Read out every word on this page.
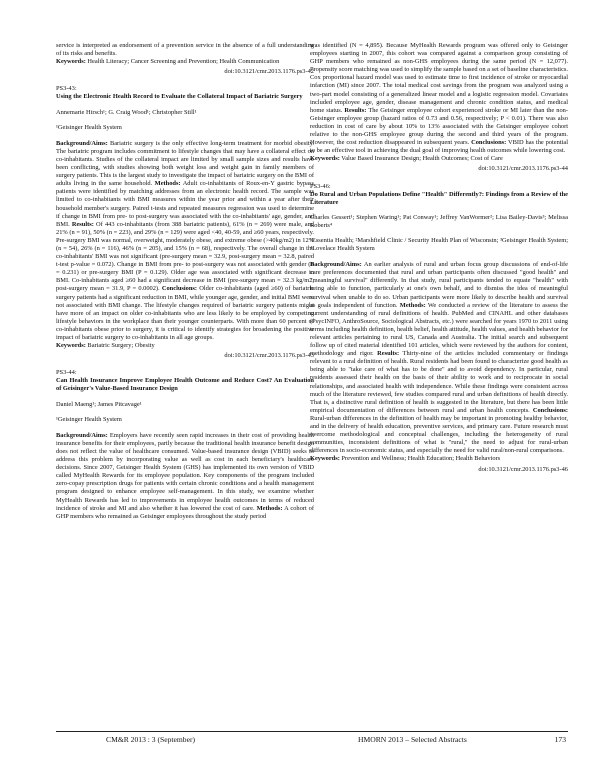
service is interpreted as endorsement of a prevention service in the absence of a full understanding of its risks and benefits.

Keywords: Health Literacy; Cancer Screening and Prevention; Health Communication

doi:10.3121/cmr.2013.1176.ps3-42

PS3-43:

Using the Electronic Health Record to Evaluate the Collateral Impact of Bariatric Surgery

Annemarie Hirsch¹; G. Craig Wood¹; Christopher Still¹

¹Geisinger Health System

Background/Aims: Bariatric surgery is the only effective long-term treatment for morbid obesity. The bariatric program includes commitment to lifestyle changes that may have a collateral effect on co-inhabitants. Studies of the collateral impact are limited by small sample sizes and results have been conflicting, with studies showing both weight loss and weight gain in family members of surgery patients. This is the largest study to investigate the impact of bariatric surgery on the BMI of adults living in the same household. Methods: Adult co-inhabitants of Roux-en-Y gastric bypass patients were identified by matching addresses from an electronic health record. The sample was limited to co-inhabitants with BMI measures within the year prior and within a year after their household member's surgery. Paired t-tests and repeated measures regression was used to determine if change in BMI from pre- to post-surgery was associated with the co-inhabitants' age, gender, and BMI. Results: Of 443 co-inhabitants (from 388 bariatric patients), 61% (n = 269) were male, and 21% (n = 91), 50% (n = 223), and 29% (n = 129) were aged <40, 40-59, and ≥60 years, respectively. Pre-surgery BMI was normal, overweight, moderately obese, and extreme obese (>40kg/m2) in 12% (n = 54), 26% (n = 116), 46% (n = 205), and 15% (n = 68), respectively. The overall change in the co-inhabitants' BMI was not significant (pre-surgery mean = 32.9, post-surgery mean = 32.8, paired t-test p-value = 0.072). Change in BMI from pre- to post-surgery was not associated with gender (P = 0.231) or pre-surgery BMI (P = 0.129). Older age was associated with significant decrease in BMI. Co-inhabitants aged ≥60 had a significant decrease in BMI (pre-surgery mean = 32.3 kg/m2, post-surgery mean = 31.9, P = 0.0002). Conclusions: Older co-inhabitants (aged ≥60) of bariatric surgery patients had a significant reduction in BMI, while younger age, gender, and initial BMI were not associated with BMI change. The lifestyle changes required of bariatric surgery patients might have more of an impact on older co-inhabitants who are less likely to be employed by competing lifestyle behaviors in the workplace than their younger counterparts. With more than 60 percent of co-inhabitants obese prior to surgery, it is critical to identify strategies for broadening the positive impact of bariatric surgery to co-inhabitants in all age groups.

Keywords: Bariatric Surgery; Obesity

doi:10.3121/cmr.2013.1176.ps3-43

PS3-44:

Can Health Insurance Improve Employee Health Outcome and Reduce Cost? An Evaluation of Geisinger's Value-Based Insurance Design

Daniel Maeng¹; James Pitcavage¹

¹Geisinger Health System

Background/Aims: Employers have recently seen rapid increases in their cost of providing health insurance benefits for their employees, partly because the traditional health insurance benefit design does not reflect the value of healthcare consumed. Value-based insurance design (VBID) seeks to address this problem by incorporating value as well as cost in each beneficiary's healthcare decisions. Since 2007, Geisinger Health System (GHS) has implemented its own version of VBID called MyHealth Rewards for its employee population. Key components of the program included zero-copay prescription drugs for patients with certain chronic conditions and a health management program designed to enhance employee self-management. In this study, we examine whether MyHealth Rewards has led to improvements in employee health outcomes in terms of reduced incidence of stroke and MI and also whether it has lowered the cost of care. Methods: A cohort of GHP members who remained as Geisinger employees throughout the study period

was identified (N = 4,895). Because MyHealth Rewards program was offered only to Geisinger employees starting in 2007, this cohort was compared against a comparison group consisting of GHP members who remained as non-GHS employees during the same period (N = 12,077). Propensity score matching was used to simplify the sample based on a set of baseline characteristics. Cox proportional hazard model was used to estimate time to first incidence of stroke or myocardial infarction (MI) since 2007. The total medical cost savings from the program was analyzed using a two-part model consisting of a generalized linear model and a logistic regression model. Covariates included employee age, gender, disease management and chronic condition status, and medical home status. Results: The Geisinger employee cohort experienced stroke or MI later than the non-Geisinger employee group (hazard ratios of 0.73 and 0.56, respectively; P < 0.01). There was also reduction in cost of care by about 10% to 13% associated with the Geisinger employee cohort relative to the non-GHS employee group during the second and third years of the program. However, the cost reduction disappeared in subsequent years. Conclusions: VBID has the potential to be an effective tool in achieving the dual goal of improving health outcomes while lowering cost.

Keywords: Value Based Insurance Design; Health Outcomes; Cost of Care

doi:10.3121/cmr.2013.1176.ps3-44

PS3-46:

Do Rural and Urban Populations Define "Health" Differently?: Findings from a Review of the Literature

Charles Gessert¹; Stephen Waring¹; Pat Conway¹; Jeffrey VanWormer²; Lisa Bailey-Davis³; Melissa Roberts⁴

¹Essentia Health; ²Marshfield Clinic / Security Health Plan of Wisconsin; ³Geisinger Health System; ⁴Lovelace Health System

Background/Aims: An earlier analysis of rural and urban focus group discussions of end-of-life care preferences documented that rural and urban participants often discussed "good health" and "meaningful survival" differently. In that study, rural participants tended to equate "health" with being able to function, particularly at one's own behalf, and to dismiss the idea of meaningful survival when unable to do so. Urban participants were more likely to describe health and survival as goals independent of function. Methods: We conducted a review of the literature to assess the current understanding of rural definitions of health. PubMed and CINAHL and other databases (PsycINFO, AnthroSource, Sociological Abstracts, etc.) were searched for years 1970 to 2011 using terms including health definition, health belief, health attitude, health values, and health behavior for relevant articles pertaining to rural US, Canada and Australia. The initial search and subsequent follow up of cited material identified 101 articles, which were reviewed by the authors for content, methodology and rigor. Results: Thirty-nine of the articles included commentary or findings relevant to a rural definition of health. Rural residents had been found to characterize good health as being able to "take care of what has to be done" and to avoid dependency. In particular, rural residents assessed their health on the basis of their ability to work and to reciprocate in social relationships, and associated health with independence. While these findings were consistent across much of the literature reviewed, few studies compared rural and urban definitions of health directly. That is, a distinctive rural definition of health is suggested in the literature, but there has been little empirical documentation of differences between rural and urban health concepts. Conclusions: Rural-urban differences in the definition of health may be important in promoting healthy behavior, and in the delivery of health education, preventive services, and primary care. Future research must overcome methodological and conceptual challenges, including the heterogeneity of rural communities, inconsistent definitions of what is "rural," the need to adjust for rural-urban differences in socio-economic status, and especially the need for valid rural/non-rural comparisons.

Keywords: Prevention and Wellness; Health Education; Health Behaviors

doi:10.3121/cmr.2013.1176.ps3-46

CM&R 2013 : 3 (September)	HMORN 2013 – Selected Abstracts	173
